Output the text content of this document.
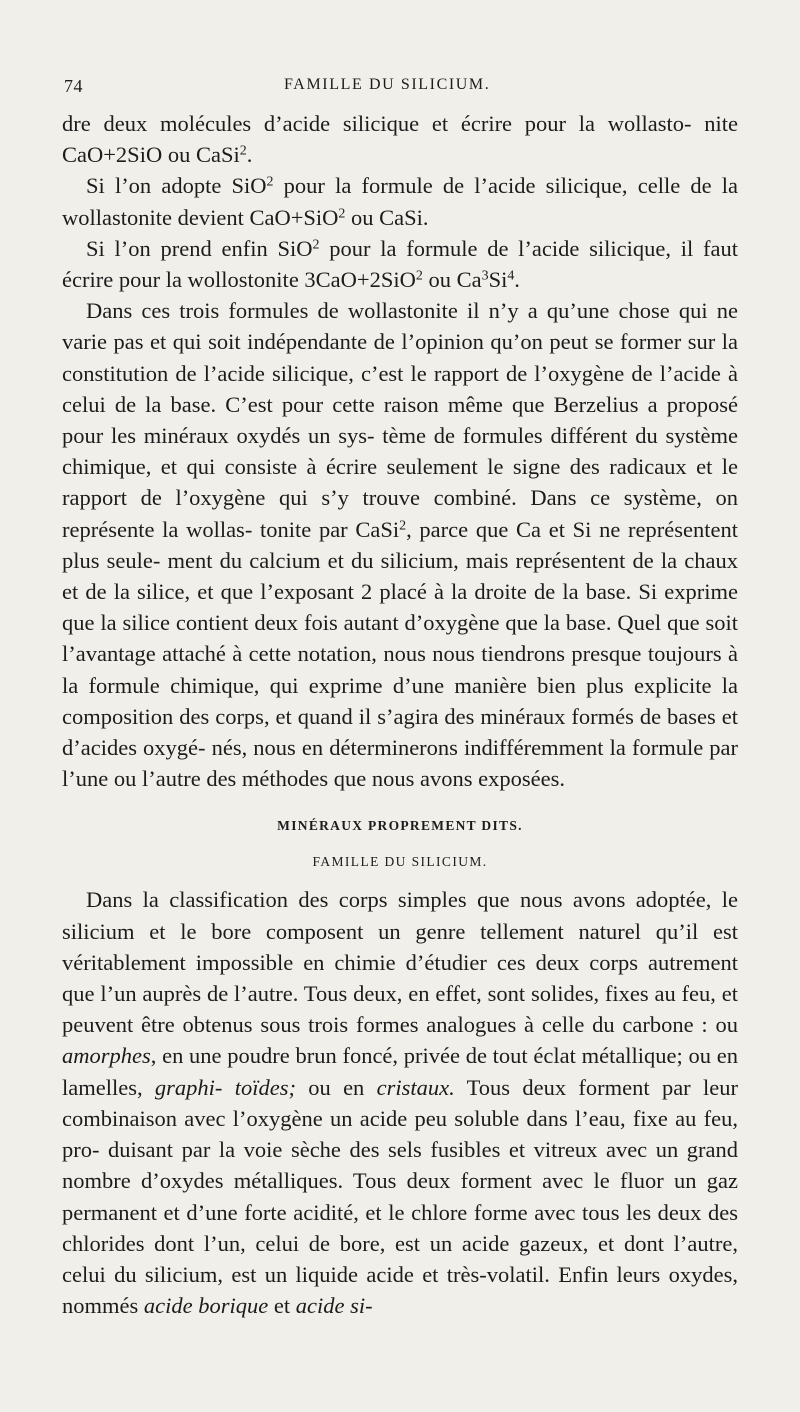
74	FAMILLE DU SILICIUM.

dre deux molécules d’acide silicique et écrire pour la wollasto- nite CaO+2SiO ou CaSi$^2$.

Si l’on adopte SiO$^2$ pour la formule de l’acide silicique, celle de la wollastonite devient CaO+SiO$^2$ ou CaSi.

Si l’on prend enfin SiO$^2$ pour la formule de l’acide silicique, il faut écrire pour la wollostonite 3CaO+2SiO$^2$ ou Ca$^3$Si$^4$.

Dans ces trois formules de wollastonite il n’y a qu’une chose qui ne varie pas et qui soit indépendante de l’opinion qu’on peut se former sur la constitution de l’acide silicique, c’est le rapport de l’oxygène de l’acide à celui de la base. C’est pour cette raison même que Berzelius a proposé pour les minéraux oxydés un sys- tème de formules différent du système chimique, et qui consiste à écrire seulement le signe des radicaux et le rapport de l’oxygène qui s’y trouve combiné. Dans ce système, on représente la wollas- tonite par CaSi$^2$, parce que Ca et Si ne représentent plus seule- ment du calcium et du silicium, mais représentent de la chaux et de la silice, et que l’exposant 2 placé à la droite de la base. Si exprime que la silice contient deux fois autant d’oxygène que la base. Quel que soit l’avantage attaché à cette notation, nous nous tiendrons presque toujours à la formule chimique, qui exprime d’une manière bien plus explicite la composition des corps, et quand il s’agira des minéraux formés de bases et d’acides oxygé- nés, nous en déterminerons indifféremment la formule par l’une ou l’autre des méthodes que nous avons exposées.

MINÉRAUX PROPREMENT DITS.

FAMILLE DU SILICIUM.

Dans la classification des corps simples que nous avons adoptée, le silicium et le bore composent un genre tellement naturel qu’il est véritablement impossible en chimie d’étudier ces deux corps autrement que l’un auprès de l’autre. Tous deux, en effet, sont solides, fixes au feu, et peuvent être obtenus sous trois formes analogues à celle du carbone : ou amorphes, en une poudre brun foncé, privée de tout éclat métallique; ou en lamelles, graphi- toïdes; ou en cristaux. Tous deux forment par leur combinaison avec l’oxygène un acide peu soluble dans l’eau, fixe au feu, pro- duisant par la voie sèche des sels fusibles et vitreux avec un grand nombre d’oxydes métalliques. Tous deux forment avec le fluor un gaz permanent et d’une forte acidité, et le chlore forme avec tous les deux des chlorides dont l’un, celui de bore, est un acide gazeux, et dont l’autre, celui du silicium, est un liquide acide et très-volatil. Enfin leurs oxydes, nommés acide borique et acide si-
